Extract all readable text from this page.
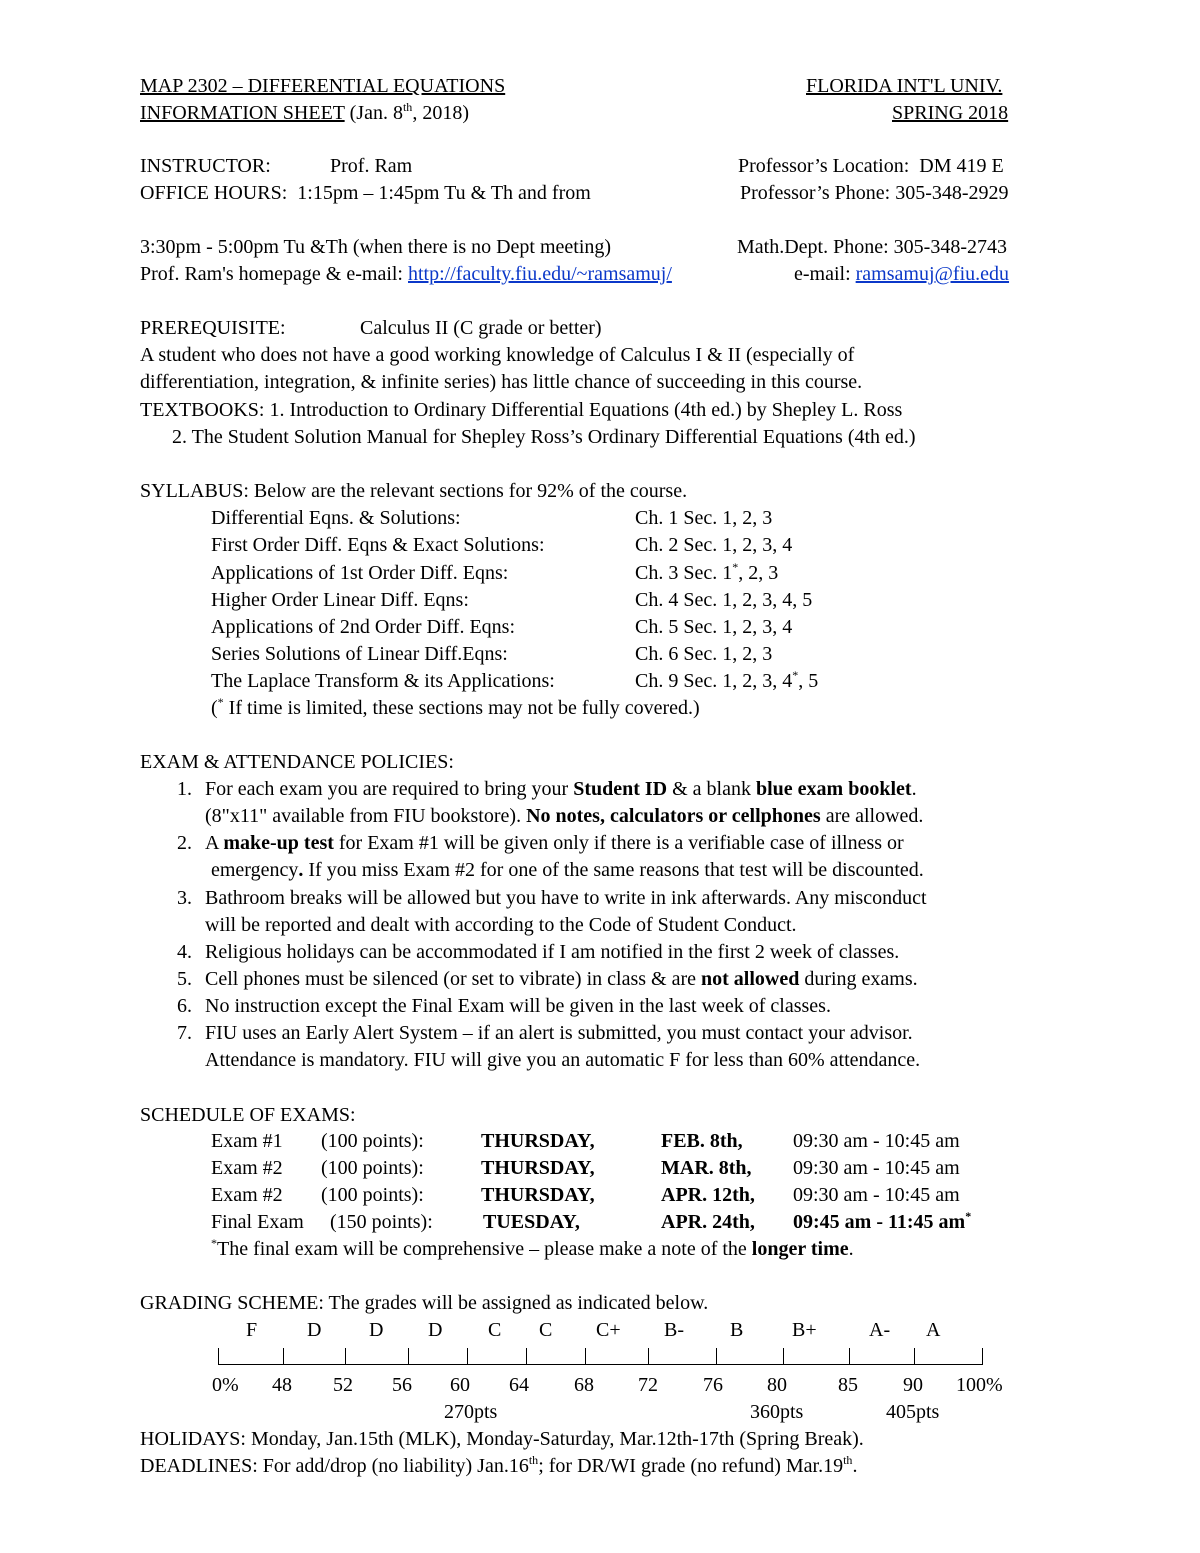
MAP 2302 – DIFFERENTIAL EQUATIONS	FLORIDA INT'L UNIV.
INFORMATION SHEET (Jan. 8th, 2018)	SPRING 2018
INSTRUCTOR:	Prof. Ram	Professor’s Location: DM 419 E
OFFICE HOURS: 1:15pm – 1:45pm Tu & Th and from	Professor’s Phone: 305-348-2929
3:30pm - 5:00pm Tu &Th (when there is no Dept meeting)	Math.Dept. Phone: 305-348-2743
Prof. Ram's homepage & e-mail: http://faculty.fiu.edu/~ramsamuj/	e-mail: ramsamuj@fiu.edu
PREREQUISITE:	Calculus II (C grade or better)
A student who does not have a good working knowledge of Calculus I & II (especially of
differentiation, integration, & infinite series) has little chance of succeeding in this course.
TEXTBOOKS: 1. Introduction to Ordinary Differential Equations (4th ed.) by Shepley L. Ross
2. The Student Solution Manual for Shepley Ross’s Ordinary Differential Equations (4th ed.)
SYLLABUS: Below are the relevant sections for 92% of the course.
Differential Eqns. & Solutions:	Ch. 1 Sec. 1, 2, 3
First Order Diff. Eqns & Exact Solutions:	Ch. 2 Sec. 1, 2, 3, 4
Applications of 1st Order Diff. Eqns:	Ch. 3 Sec. 1*, 2, 3
Higher Order Linear Diff. Eqns:	Ch. 4 Sec. 1, 2, 3, 4, 5
Applications of 2nd Order Diff. Eqns:	Ch. 5 Sec. 1, 2, 3, 4
Series Solutions of Linear Diff.Eqns:	Ch. 6 Sec. 1, 2, 3
The Laplace Transform & its Applications:	Ch. 9 Sec. 1, 2, 3, 4*, 5
(* If time is limited, these sections may not be fully covered.)
EXAM & ATTENDANCE POLICIES:
1. For each exam you are required to bring your Student ID & a blank blue exam booklet.
(8"x11" available from FIU bookstore). No notes, calculators or cellphones are allowed.
2. A make-up test for Exam #1 will be given only if there is a verifiable case of illness or
emergency. If you miss Exam #2 for one of the same reasons that test will be discounted.
3. Bathroom breaks will be allowed but you have to write in ink afterwards. Any misconduct
will be reported and dealt with according to the Code of Student Conduct.
4. Religious holidays can be accommodated if I am notified in the first 2 week of classes.
5. Cell phones must be silenced (or set to vibrate) in class & are not allowed during exams.
6. No instruction except the Final Exam will be given in the last week of classes.
7. FIU uses an Early Alert System – if an alert is submitted, you must contact your advisor.
Attendance is mandatory. FIU will give you an automatic F for less than 60% attendance.
SCHEDULE OF EXAMS:
Exam #1 (100 points):	THURSDAY,	FEB. 8th,	09:30 am - 10:45 am
Exam #2 (100 points):	THURSDAY,	MAR. 8th, 09:30 am - 10:45 am
Exam #2 (100 points):	THURSDAY,	APR. 12th, 09:30 am - 10:45 am
Final Exam (150 points):	TUESDAY,	APR. 24th, 09:45 am - 11:45 am*
*The final exam will be comprehensive – please make a note of the longer time.
GRADING SCHEME: The grades will be assigned as indicated below.
F D D D C C C+ B- B B+	A- A
0% 48 52 56 60 64 68 72 76 80	85 90 100%
270pts	360pts	405pts
HOLIDAYS: Monday, Jan.15th (MLK), Monday-Saturday, Mar.12th-17th (Spring Break).
DEADLINES: For add/drop (no liability) Jan.16th; for DR/WI grade (no refund) Mar.19th.
